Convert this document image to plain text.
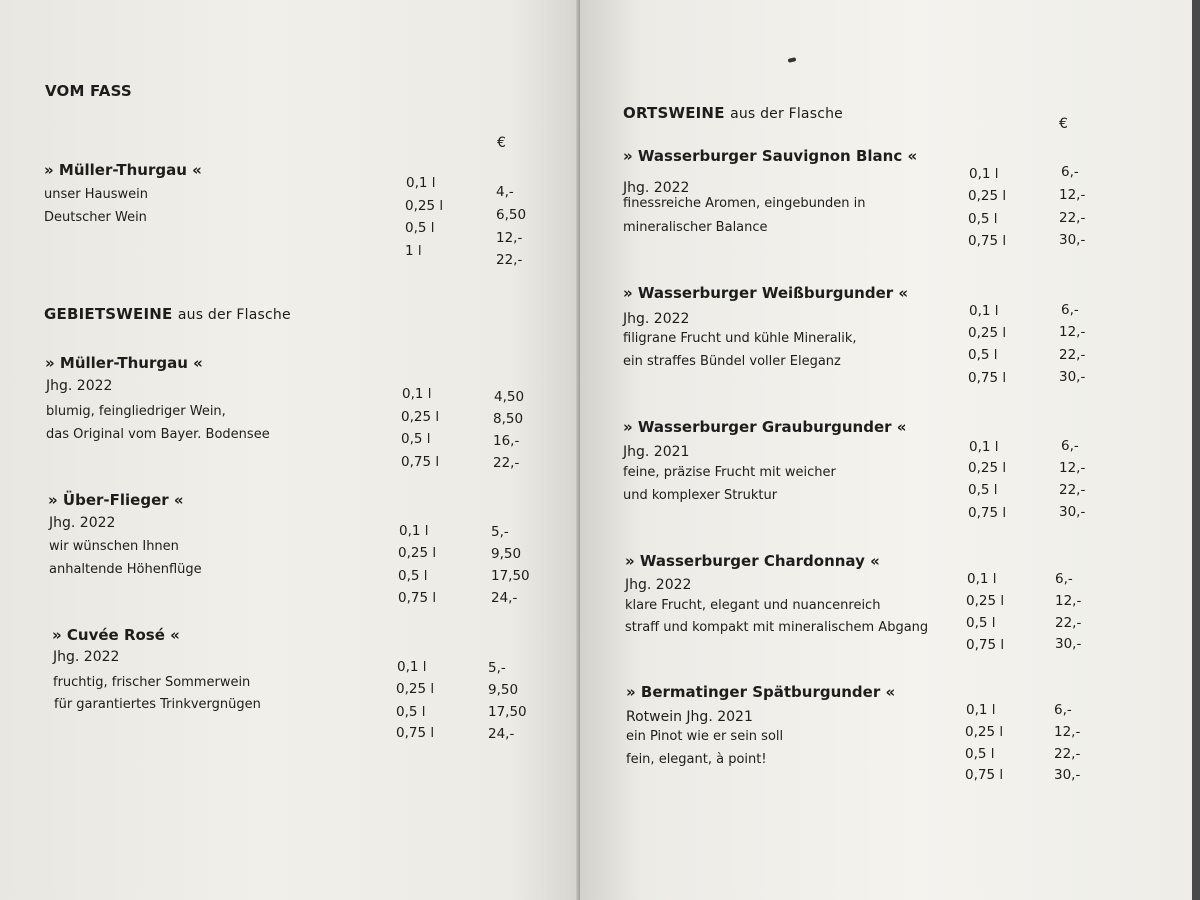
VOM FASS
€
» Müller-Thurgau «
unser Hauswein
Deutscher Wein
0,1 l
0,25 l
0,5 l
1 l
4,-
6,50
12,-
22,-
GEBIETSWEINE aus der Flasche
» Müller-Thurgau «
Jhg. 2022
blumig, feingliedriger Wein,
das Original vom Bayer. Bodensee
0,1 l
0,25 l
0,5 l
0,75 l
4,50
8,50
16,-
22,-
» Über-Flieger «
Jhg. 2022
wir wünschen Ihnen
anhaltende Höhenflüge
0,1 l
0,25 l
0,5 l
0,75 l
5,-
9,50
17,50
24,-
» Cuvée Rosé «
Jhg. 2022
fruchtig, frischer Sommerwein
für garantiertes Trinkvergnügen
0,1 l
0,25 l
0,5 l
0,75 l
5,-
9,50
17,50
24,-
ORTSWEINE aus der Flasche
€
» Wasserburger Sauvignon Blanc «
Jhg. 2022
finessreiche Aromen, eingebunden in
mineralischer Balance
0,1 l
0,25 l
0,5 l
0,75 l
6,-
12,-
22,-
30,-
» Wasserburger Weißburgunder «
Jhg. 2022
filigrane Frucht und kühle Mineralik,
ein straffes Bündel voller Eleganz
0,1 l
0,25 l
0,5 l
0,75 l
6,-
12,-
22,-
30,-
» Wasserburger Grauburgunder «
Jhg. 2021
feine, präzise Frucht mit weicher
und komplexer Struktur
0,1 l
0,25 l
0,5 l
0,75 l
6,-
12,-
22,-
30,-
» Wasserburger Chardonnay «
Jhg. 2022
klare Frucht, elegant und nuancenreich
straff und kompakt mit mineralischem Abgang
0,1 l
0,25 l
0,5 l
0,75 l
6,-
12,-
22,-
30,-
» Bermatinger Spätburgunder «
Rotwein Jhg. 2021
ein Pinot wie er sein soll
fein, elegant, à point!
0,1 l
0,25 l
0,5 l
0,75 l
6,-
12,-
22,-
30,-
